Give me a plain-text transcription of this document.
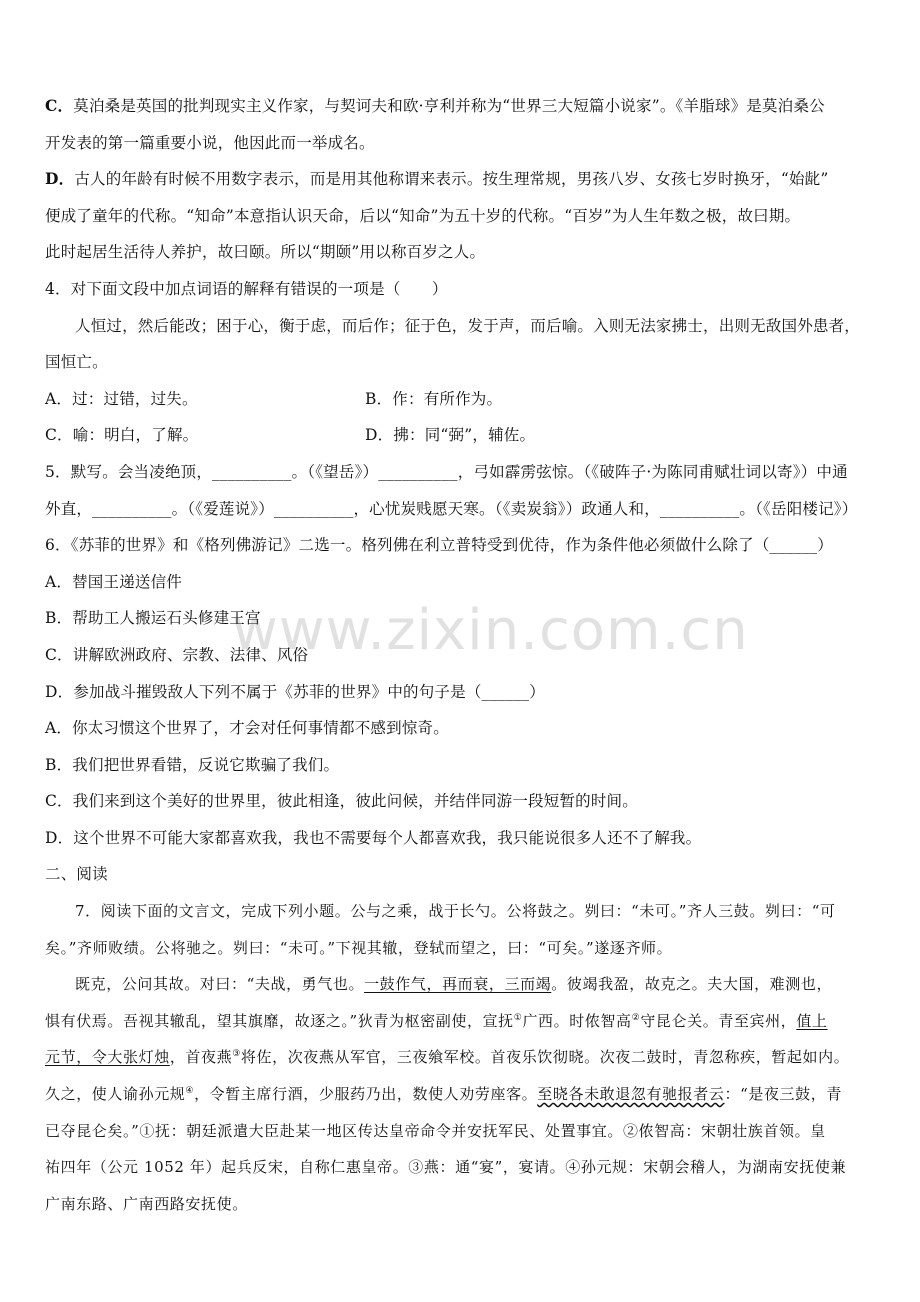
www.zixin.com.cn
C．莫泊桑是英国的批判现实主义作家，与契诃夫和欧·亨利并称为“世界三大短篇小说家”。《羊脂球》是莫泊桑公
开发表的第一篇重要小说，他因此而一举成名。
D．古人的年龄有时候不用数字表示，而是用其他称谓来表示。按生理常规，男孩八岁、女孩七岁时换牙，“始龀”
便成了童年的代称。“知命”本意指认识天命，后以“知命”为五十岁的代称。“百岁”为人生年数之极，故曰期。
此时起居生活待人养护，故曰颐。所以“期颐”用以称百岁之人。
4．对下面文段中加点词语的解释有错误的一项是（　　）
人恒过，然后能改；困于心，衡于虑，而后作；征于色，发于声，而后喻。入则无法家拂士，出则无敌国外患者，
国恒亡。
A．过：过错，过失。	B．作：有所作为。
C．喻：明白，了解。	D．拂：同“弼”，辅佐。
5．默写。会当凌绝顶，__________。（《望岳》）__________，弓如霹雳弦惊。（《破阵子·为陈同甫赋壮词以寄》）中通
外直，__________。（《爱莲说》）__________，心忧炭贱愿天寒。（《卖炭翁》）政通人和，__________。（《岳阳楼记》）
6．《苏菲的世界》和《格列佛游记》二选一。格列佛在利立普特受到优待，作为条件他必须做什么除了（______）
A．替国王递送信件
B．帮助工人搬运石头修建王宫
C．讲解欧洲政府、宗教、法律、风俗
D．参加战斗摧毁敌人下列不属于《苏菲的世界》中的句子是（______）
A．你太习惯这个世界了，才会对任何事情都不感到惊奇。
B．我们把世界看错，反说它欺骗了我们。
C．我们来到这个美好的世界里，彼此相逢，彼此问候，并结伴同游一段短暂的时间。
D．这个世界不可能大家都喜欢我，我也不需要每个人都喜欢我，我只能说很多人还不了解我。
二、阅读
7．阅读下面的文言文，完成下列小题。公与之乘，战于长勺。公将鼓之。刿曰：“未可。”齐人三鼓。刿曰：“可
矣。”齐师败绩。公将驰之。刿曰：“未可。”下视其辙，登轼而望之，曰：“可矣。”遂逐齐师。
既克，公问其故。对曰：“夫战，勇气也。一鼓作气，再而衰，三而竭。彼竭我盈，故克之。夫大国，难测也，
惧有伏焉。吾视其辙乱，望其旗靡，故逐之。”狄青为枢密副使，宣抚①广西。时侬智高②守昆仑关。青至宾州，值上
元节，令大张灯烛，首夜燕③将佐，次夜燕从军官，三夜飨军校。首夜乐饮彻晓。次夜二鼓时，青忽称疾，暂起如内。
久之，使人谕孙元规④，令暂主席行酒，少服药乃出，数使人劝劳座客。至晓各未敢退忽有驰报者云：“是夜三鼓，青
已夺昆仑矣。”①抚：朝廷派遣大臣赴某一地区传达皇帝命令并安抚军民、处置事宜。②侬智高：宋朝壮族首领。皇
祐四年（公元 1052 年）起兵反宋，自称仁惠皇帝。③燕：通“宴”，宴请。④孙元规：宋朝会稽人，为湖南安抚使兼
广南东路、广南西路安抚使。
